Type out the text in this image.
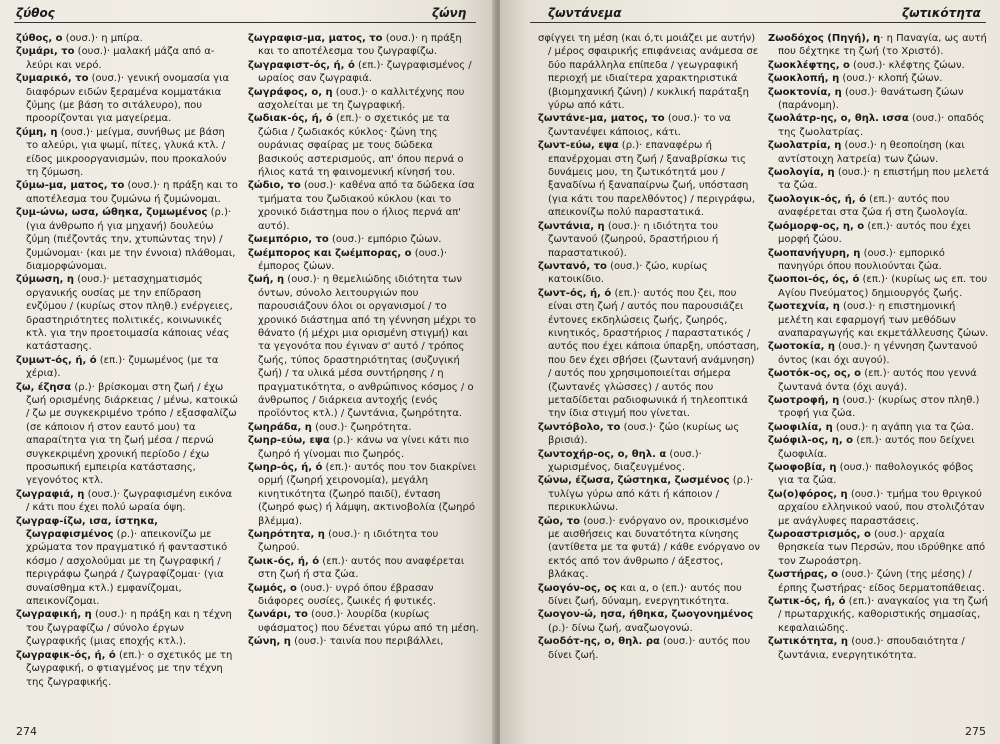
ζύθος	ζώνη
ζύθος, ο (ουσ.)· η μπίρα.
ζυμάρι, το (ουσ.)· μαλακή μάζα από α-λεύρι και νερό.
ζυμαρικό, το (ουσ.)· γενική ονομασία για διαφόρων ειδών ξεραμένα κομματάκια ζύμης (με βάση το σιτάλευρο), που προορίζονται για μαγείρεμα.
ζύμη, η (ουσ.)· μείγμα, συνήθως με βάση το αλεύρι, για ψωμί, πίτες, γλυκά κτλ. / είδος μικροοργανισμών, που προκαλούν τη ζύμωση.
ζύμω-μα, ματος, το (ουσ.)· η πράξη και το αποτέλεσμα του ζυμώνω ή ζυμώνομαι.
ζυμ-ώνω, ωσα, ώθηκα, ζυμωμένος (ρ.)· (για άνθρωπο ή για μηχανή) δουλεύω ζύμη (πιέζοντάς την, χτυπώντας την) / ζυμώνομαι· (και με την έννοια) πλάθομαι, διαμορφώνομαι.
ζύμωση, η (ουσ.)· μετασχηματισμός οργανικής ουσίας με την επίδραση ενζύμου / (κυρίως στον πληθ.) ενέργειες, δραστηριότητες πολιτικές, κοινωνικές κτλ. για την προετοιμασία κάποιας νέας κατάστασης.
ζυμωτ-ός, ή, ό (επ.)· ζυμωμένος (με τα χέρια).
ζω, έζησα (ρ.)· βρίσκομαι στη ζωή / έχω ζωή ορισμένης διάρκειας / μένω, κατοικώ / ζω με συγκεκριμένο τρόπο / εξασφαλίζω (σε κάποιον ή στον εαυτό μου) τα απαραίτητα για τη ζωή μέσα / περνώ συγκεκριμένη χρονική περίοδο / έχω προσωπική εμπειρία κατάστασης, γεγονότος κτλ.
ζωγραφιά, η (ουσ.)· ζωγραφισμένη εικόνα / κάτι που έχει πολύ ωραία όψη.
ζωγραφ-ίζω, ισα, ίστηκα, ζωγραφισμένος (ρ.)· απεικονίζω με χρώματα τον πραγματικό ή φανταστικό κόσμο / ασχολούμαι με τη ζωγραφική / περιγράφω ζωηρά / ζωγραφίζομαι· (για συναίσθημα κτλ.) εμφανίζομαι, απεικονίζομαι.
ζωγραφική, η (ουσ.)· η πράξη και η τέχνη του ζωγραφίζω / σύνολο έργων ζωγραφικής (μιας εποχής κτλ.).
ζωγραφικ-ός, ή, ό (επ.)· ο σχετικός με τη ζωγραφική, ο φτιαγμένος με την τέχνη της ζωγραφικής.
ζωγραφισ-μα, ματος, το (ουσ.)· η πράξη και το αποτέλεσμα του ζωγραφίζω.
ζωγραφιστ-ός, ή, ό (επ.)· ζωγραφισμένος / ωραίος σαν ζωγραφιά.
ζωγράφος, ο, η (ουσ.)· ο καλλιτέχνης που ασχολείται με τη ζωγραφική.
ζωδιακ-ός, ή, ό (επ.)· ο σχετικός με τα ζώδια / ζωδιακός κύκλος· ζώνη της ουράνιας σφαίρας με τους δώδεκα βασικούς αστερισμούς, απ' όπου περνά ο ήλιος κατά τη φαινομενική κίνησή του.
ζώδιο, το (ουσ.)· καθένα από τα δώδεκα ίσα τμήματα του ζωδιακού κύκλου (και το χρονικό διάστημα που ο ήλιος περνά απ' αυτό).
ζωεμπόριο, το (ουσ.)· εμπόριο ζώων.
ζωέμπορος και ζωέμπορας, ο (ουσ.)· έμπορος ζώων.
ζωή, η (ουσ.)· η θεμελιώδης ιδιότητα των όντων, σύνολο λειτουργιών που παρουσιάζουν όλοι οι οργανισμοί / το χρονικό διάστημα από τη γέννηση μέχρι το θάνατο (ή μέχρι μια ορισμένη στιγμή) και τα γεγονότα που έγιναν σ' αυτό / τρόπος ζωής, τύπος δραστηριότητας (συζυγική ζωή) / τα υλικά μέσα συντήρησης / η πραγματικότητα, ο ανθρώπινος κόσμος / ο άνθρωπος / διάρκεια αντοχής (ενός προϊόντος κτλ.) / ζωντάνια, ζωηρότητα.
ζωηράδα, η (ουσ.)· ζωηρότητα.
ζωηρ-εύω, εψα (ρ.)· κάνω να γίνει κάτι πιο ζωηρό ή γίνομαι πιο ζωηρός.
ζωηρ-ός, ή, ό (επ.)· αυτός που τον διακρίνει ορμή (ζωηρή χειρονομία), μεγάλη κινητικότητα (ζωηρό παιδί), ένταση (ζωηρό φως) ή λάμψη, ακτινοβολία (ζωηρό βλέμμα).
ζωηρότητα, η (ουσ.)· η ιδιότητα του ζωηρού.
ζωικ-ός, ή, ό (επ.)· αυτός που αναφέρεται στη ζωή ή στα ζώα.
ζωμός, ο (ουσ.)· υγρό όπου έβρασαν διάφορες ουσίες, ζωικές ή φυτικές.
ζωνάρι, το (ουσ.)· λουρίδα (κυρίως υφάσματος) που δένεται γύρω από τη μέση.
ζώνη, η (ουσ.)· ταινία που περιβάλλει,
274
ζωντάνεμα	ζωτικότητα
σφίγγει τη μέση (και ό,τι μοιάζει με αυτήν) / μέρος σφαιρικής επιφάνειας ανάμεσα σε δύο παράλληλα επίπεδα / γεωγραφική περιοχή με ιδιαίτερα χαρακτηριστικά (βιομηχανική ζώνη) / κυκλική παράταξη γύρω από κάτι.
ζωντάνε-μα, ματος, το (ουσ.)· το να ζωντανέψει κάποιος, κάτι.
ζωντ-εύω, εψα (ρ.)· επαναφέρω ή επανέρχομαι στη ζωή / ξαναβρίσκω τις δυνάμεις μου, τη ζωτικότητά μου / ξαναδίνω ή ξαναπαίρνω ζωή, υπόσταση (για κάτι του παρελθόντος) / περιγράφω, απεικονίζω πολύ παραστατικά.
ζωντάνια, η (ουσ.)· η ιδιότητα του ζωντανού (ζωηρού, δραστήριου ή παραστατικού).
ζωντανό, το (ουσ.)· ζώο, κυρίως κατοικίδιο.
ζωντ-ός, ή, ό (επ.)· αυτός που ζει, που είναι στη ζωή / αυτός που παρουσιάζει έντονες εκδηλώσεις ζωής, ζωηρός, κινητικός, δραστήριος / παραστατικός / αυτός που έχει κάποια ύπαρξη, υπόσταση, που δεν έχει σβήσει (ζωντανή ανάμνηση) / αυτός που χρησιμοποιείται σήμερα (ζωντανές γλώσσες) / αυτός που μεταδίδεται ραδιοφωνικά ή τηλεοπτικά την ίδια στιγμή που γίνεται.
ζωντόβολο, το (ουσ.)· ζώο (κυρίως ως βρισιά).
ζωντοχήρ-ος, ο, θηλ. α (ουσ.)· χωρισμένος, διαζευγμένος.
ζώνω, έζωσα, ζώστηκα, ζωσμένος (ρ.)· τυλίγω γύρω από κάτι ή κάποιον / περικυκλώνω.
ζώο, το (ουσ.)· ενόργανο ον, προικισμένο με αισθήσεις και δυνατότητα κίνησης (αντίθετα με τα φυτά) / κάθε ενόργανο ον εκτός από τον άνθρωπο / άξεστος, βλάκας.
ζωογόν-ος, ος και α, ο (επ.)· αυτός που δίνει ζωή, δύναμη, ενεργητικότητα.
ζωογον-ώ, ησα, ήθηκα, ζωογονημένος (ρ.)· δίνω ζωή, αναζωογονώ.
ζωοδότ-ης, ο, θηλ. ρα (ουσ.)· αυτός που δίνει ζωή.
Ζωοδόχος (Πηγή), η· η Παναγία, ως αυτή που δέχτηκε τη ζωή (το Χριστό).
ζωοκλέφτης, ο (ουσ.)· κλέφτης ζώων.
ζωοκλοπή, η (ουσ.)· κλοπή ζώων.
ζωοκτονία, η (ουσ.)· θανάτωση ζώων (παράνομη).
ζωολάτρ-ης, ο, θηλ. ισσα (ουσ.)· οπαδός της ζωολατρίας.
ζωολατρία, η (ουσ.)· η θεοποίηση (και αντίστοιχη λατρεία) των ζώων.
ζωολογία, η (ουσ.)· η επιστήμη που μελετά τα ζώα.
ζωολογικ-ός, ή, ό (επ.)· αυτός που αναφέρεται στα ζώα ή στη ζωολογία.
ζωόμορφ-ος, η, ο (επ.)· αυτός που έχει μορφή ζώου.
ζωοπανήγυρη, η (ουσ.)· εμπορικό πανηγύρι όπου πουλιούνται ζώα.
ζωοποι-ός, ός, ό (επ.)· (κυρίως ως επ. του Αγίου Πνεύματος) δημιουργός ζωής.
ζωοτεχνία, η (ουσ.)· η επιστημονική μελέτη και εφαρμογή των μεθόδων αναπαραγωγής και εκμετάλλευσης ζώων.
ζωοτοκία, η (ουσ.)· η γέννηση ζωντανού όντος (και όχι αυγού).
ζωοτόκ-ος, ος, ο (επ.)· αυτός που γεννά ζωντανά όντα (όχι αυγά).
ζωοτροφή, η (ουσ.)· (κυρίως στον πληθ.) τροφή για ζώα.
ζωοφιλία, η (ουσ.)· η αγάπη για τα ζώα.
ζωόφιλ-ος, η, ο (επ.)· αυτός που δείχνει ζωοφιλία.
ζωοφοβία, η (ουσ.)· παθολογικός φόβος για τα ζώα.
ζω(ο)φόρος, η (ουσ.)· τμήμα του θριγκού αρχαίου ελληνικού ναού, που στολιζόταν με ανάγλυφες παραστάσεις.
ζωροαστρισμός, ο (ουσ.)· αρχαία θρησκεία των Περσών, που ιδρύθηκε από τον Ζωροάστρη.
ζωστήρας, ο (ουσ.)· ζώνη (της μέσης) / έρπης ζωστήρας· είδος δερματοπάθειας.
ζωτικ-ός, ή, ό (επ.)· αναγκαίος για τη ζωή / πρωταρχικής, καθοριστικής σημασίας, κεφαλαιώδης.
ζωτικότητα, η (ουσ.)· σπουδαιότητα / ζωντάνια, ενεργητικότητα.
275
